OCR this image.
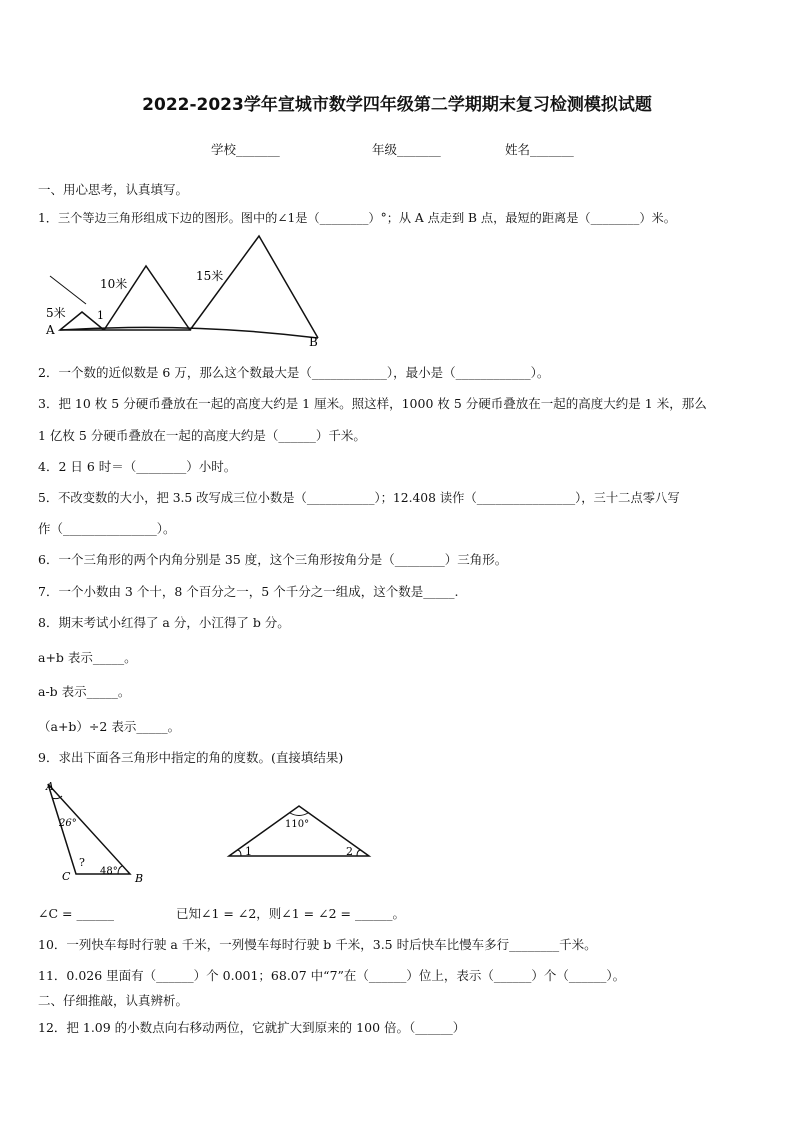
2022-2023学年宣城市数学四年级第二学期期末复习检测模拟试题
学校_______	年级_______	姓名_______
一、用心思考，认真填写。
1．三个等边三角形组成下边的图形。图中的∠1是（________）°；从 A 点走到 B 点，最短的距离是（________）米。
A
B
5米
10米
15米
1
2．一个数的近似数是 6 万，那么这个数最大是（____________），最小是（____________）。
3．把 10 枚 5 分硬币叠放在一起的高度大约是 1 厘米。照这样，1000 枚 5 分硬币叠放在一起的高度大约是 1 米，那么
1 亿枚 5 分硬币叠放在一起的高度大约是（______）千米。
4．2 日 6 时＝（________）小时。
5．不改变数的大小，把 3.5 改写成三位小数是（___________）；12.408 读作（________________），三十二点零八写
作（_______________）。
6．一个三角形的两个内角分别是 35 度，这个三角形按角分是（________）三角形。
7．一个小数由 3 个十，8 个百分之一，5 个千分之一组成，这个数是_____.
8．期末考试小红得了 a 分，小江得了 b 分。
a+b 表示_____。
a-b 表示_____。
（a+b）÷2 表示_____。
9．求出下面各三角形中指定的角的度数。(直接填结果)
A
C	B
26°
48°
?
110°
1	2
∠C = ______	已知∠1 = ∠2，则∠1 = ∠2 = ______。
10．一列快车每时行驶 a 千米，一列慢车每时行驶 b 千米，3.5 时后快车比慢车多行________千米。
11．0.026 里面有（______）个 0.001；68.07 中“7”在（______）位上，表示（______）个（______）。
二、仔细推敲，认真辨析。
12．把 1.09 的小数点向右移动两位，它就扩大到原来的 100 倍。（______）
